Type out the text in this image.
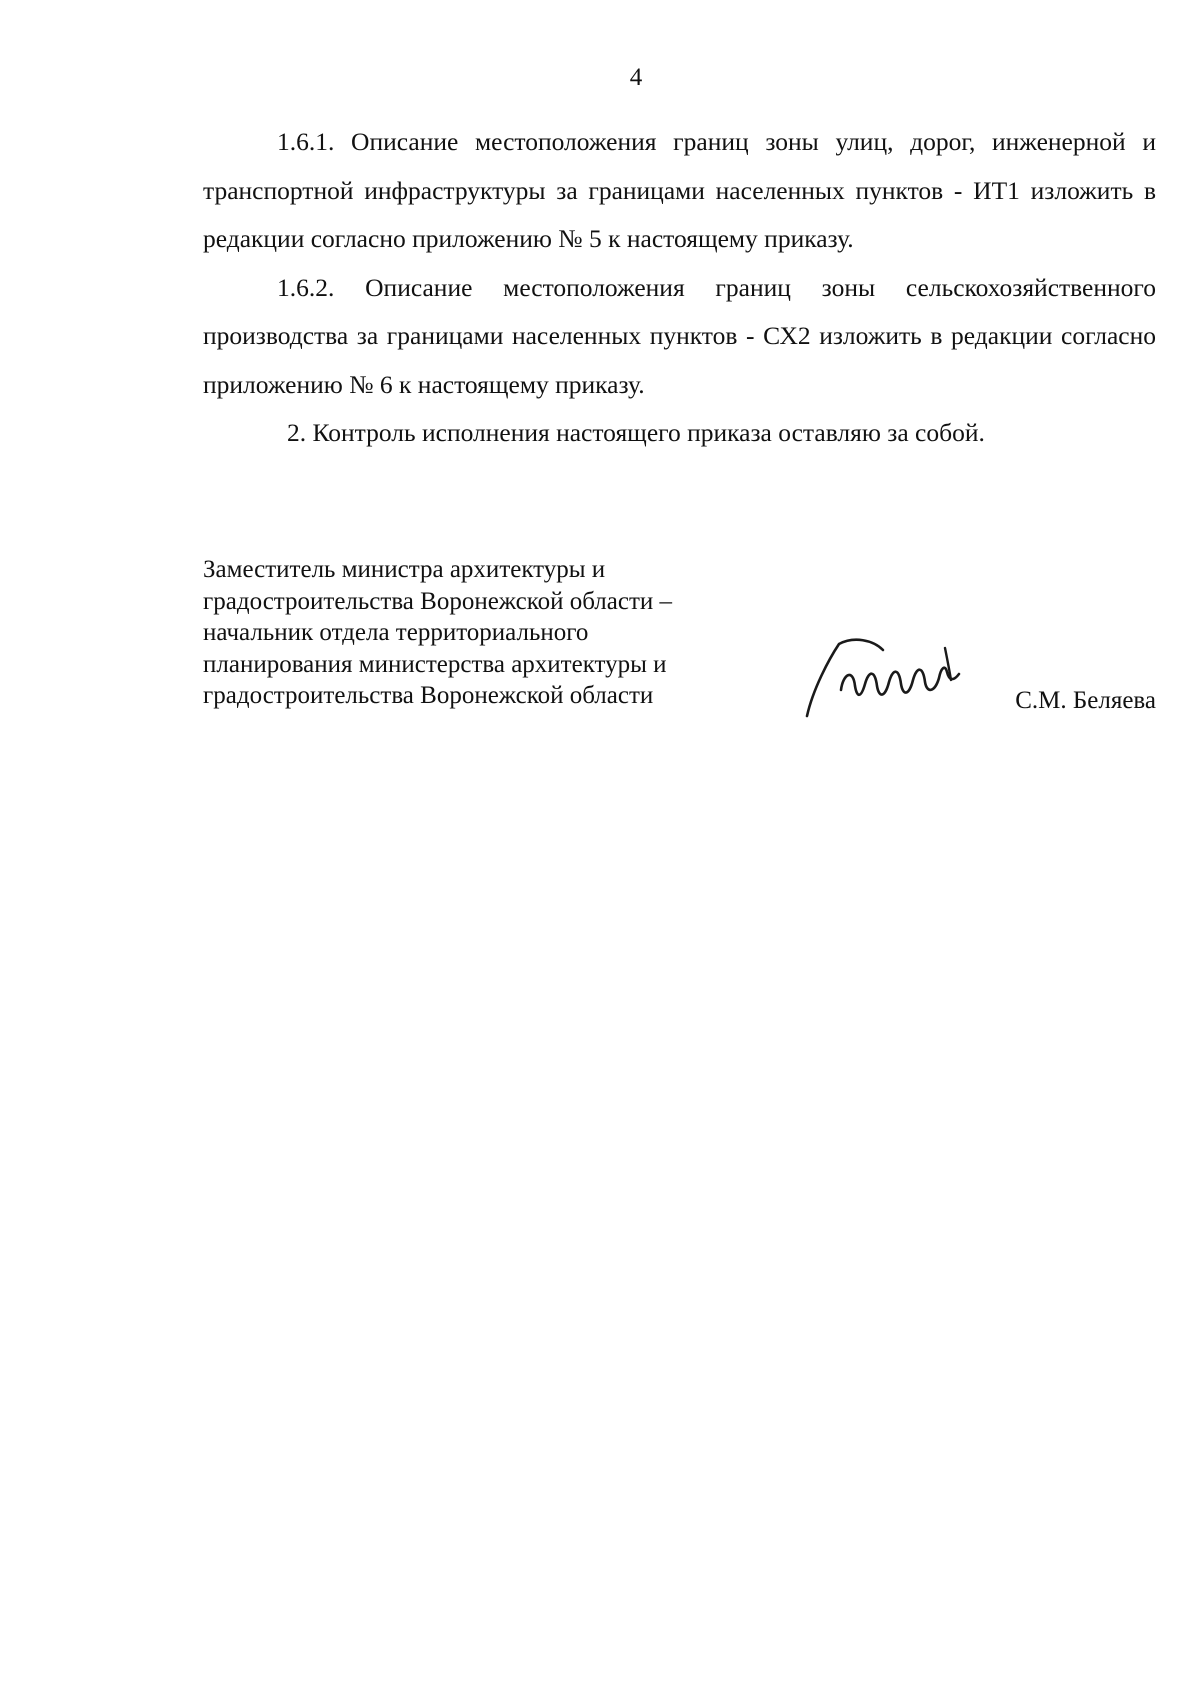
4

1.6.1. Описание местоположения границ зоны улиц, дорог, инженерной и транспортной инфраструктуры за границами населенных пунктов - ИТ1 изложить в редакции согласно приложению № 5 к настоящему приказу.

1.6.2. Описание местоположения границ зоны сельскохозяйственного производства за границами населенных пунктов - СХ2 изложить в редакции согласно приложению № 6 к настоящему приказу.

2. Контроль исполнения настоящего приказа оставляю за собой.

Заместитель министра архитектуры и
градостроительства Воронежской области –
начальник отдела территориального
планирования министерства архитектуры и
градостроительства Воронежской области	С.М. Беляева
